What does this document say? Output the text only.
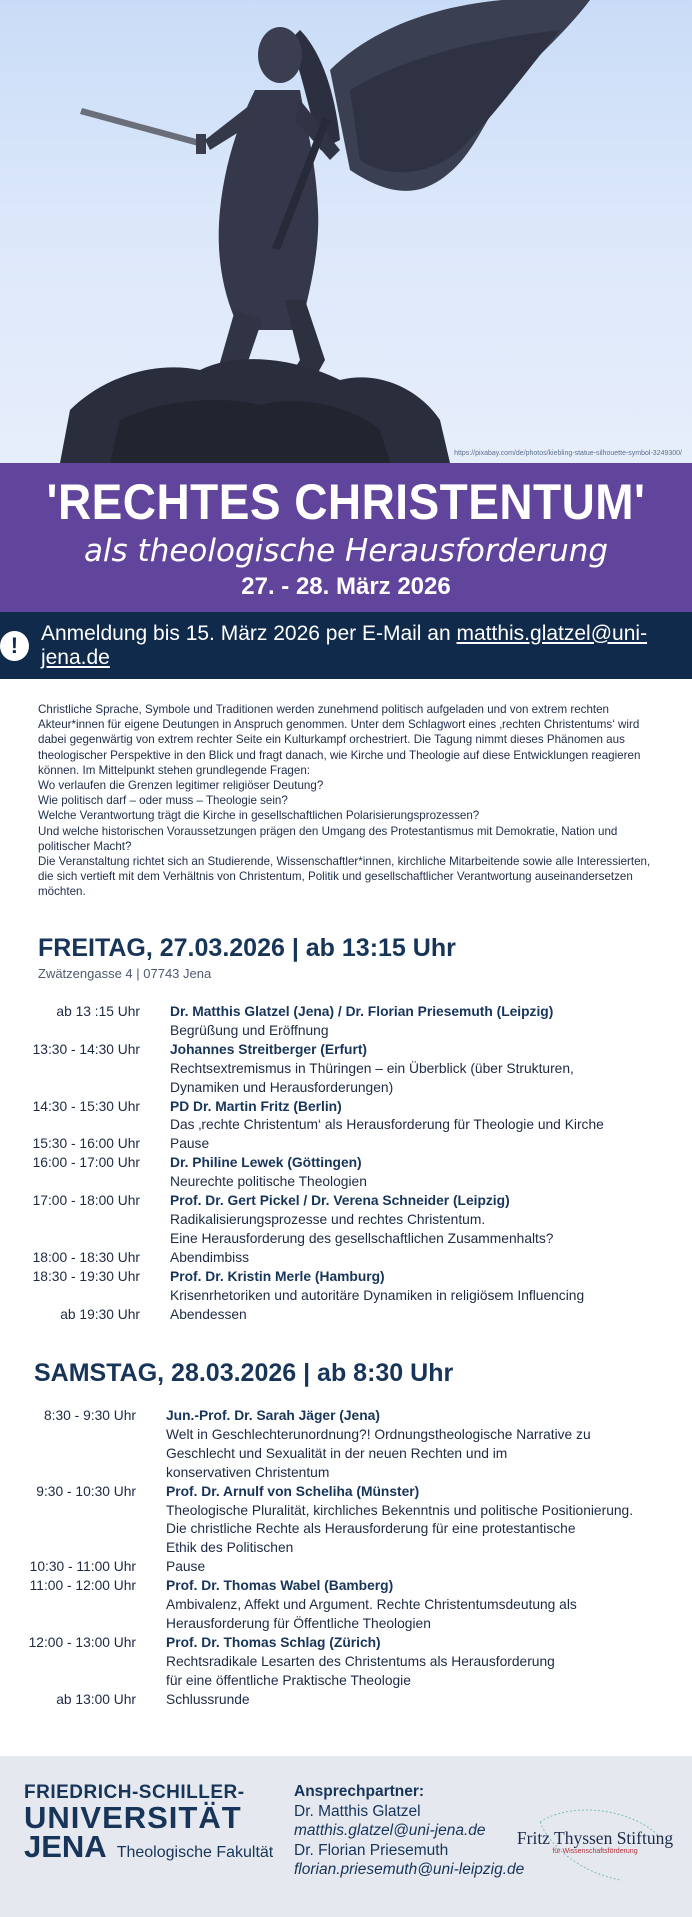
https://pixabay.com/de/photos/kiebling-statue-silhouette-symbol-3249300/
'RECHTES CHRISTENTUM'
als theologische Herausforderung
27. - 28. März 2026
!	Anmeldung bis 15. März 2026 per E-Mail an matthis.glatzel@uni-jena.de

Christliche Sprache, Symbole und Traditionen werden zunehmend politisch aufgeladen und von extrem rechten Akteur*innen für eigene Deutungen in Anspruch genommen. Unter dem Schlagwort eines ‚rechten Christentums‘ wird dabei gegenwärtig von extrem rechter Seite ein Kulturkampf orchestriert. Die Tagung nimmt dieses Phänomen aus theologischer Perspektive in den Blick und fragt danach, wie Kirche und Theologie auf diese Entwicklungen reagieren können. Im Mittelpunkt stehen grundlegende Fragen:

Wo verlaufen die Grenzen legitimer religiöser Deutung?

Wie politisch darf – oder muss – Theologie sein?

Welche Verantwortung trägt die Kirche in gesellschaftlichen Polarisierungsprozessen?

Und welche historischen Voraussetzungen prägen den Umgang des Protestantismus mit Demokratie, Nation und politischer Macht?

Die Veranstaltung richtet sich an Studierende, Wissenschaftler*innen, kirchliche Mitarbeitende sowie alle Interessierten, die sich vertieft mit dem Verhältnis von Christentum, Politik und gesellschaftlicher Verantwortung auseinandersetzen möchten.

FREITAG, 27.03.2026 | ab 13:15 Uhr
Zwätzengasse 4 | 07743 Jena
ab 13 :15 Uhr Dr. Matthis Glatzel (Jena) / Dr. Florian Priesemuth (Leipzig)
Begrüßung und Eröffnung
13:30 - 14:30 Uhr Johannes Streitberger (Erfurt)
Rechtsextremismus in Thüringen – ein Überblick (über Strukturen,
Dynamiken und Herausforderungen)
14:30 - 15:30 Uhr PD Dr. Martin Fritz (Berlin)
Das ‚rechte Christentum‘ als Herausforderung für Theologie und Kirche
15:30 - 16:00 Uhr Pause
16:00 - 17:00 Uhr Dr. Philine Lewek (Göttingen)
Neurechte politische Theologien
17:00 - 18:00 Uhr Prof. Dr. Gert Pickel / Dr. Verena Schneider (Leipzig)
Radikalisierungsprozesse und rechtes Christentum.
Eine Herausforderung des gesellschaftlichen Zusammenhalts?
18:00 - 18:30 Uhr Abendimbiss
18:30 - 19:30 Uhr Prof. Dr. Kristin Merle (Hamburg)
Krisenrhetoriken und autoritäre Dynamiken in religiösem Influencing
ab 19:30 Uhr Abendessen
SAMSTAG, 28.03.2026 | ab 8:30 Uhr
8:30 - 9:30 Uhr Jun.-Prof. Dr. Sarah Jäger (Jena)
Welt in Geschlechterunordnung?! Ordnungstheologische Narrative zu
Geschlecht und Sexualität in der neuen Rechten und im
konservativen Christentum
9:30 - 10:30 Uhr Prof. Dr. Arnulf von Scheliha (Münster)
Theologische Pluralität, kirchliches Bekenntnis und politische Positionierung.
Die christliche Rechte als Herausforderung für eine protestantische
Ethik des Politischen
10:30 - 11:00 Uhr Pause
11:00 - 12:00 Uhr Prof. Dr. Thomas Wabel (Bamberg)
Ambivalenz, Affekt und Argument. Rechte Christentumsdeutung als
Herausforderung für Öffentliche Theologien
12:00 - 13:00 Uhr Prof. Dr. Thomas Schlag (Zürich)
Rechtsradikale Lesarten des Christentums als Herausforderung
für eine öffentliche Praktische Theologie
ab 13:00 Uhr Schlussrunde
FRIEDRICH-SCHILLER-
UNIVERSITÄT
JENA Theologische Fakultät
Ansprechpartner:
Dr. Matthis Glatzel
matthis.glatzel@uni-jena.de
Dr. Florian Priesemuth
florian.priesemuth@uni-leipzig.de
Fritz Thyssen Stiftung
für Wissenschaftsförderung
